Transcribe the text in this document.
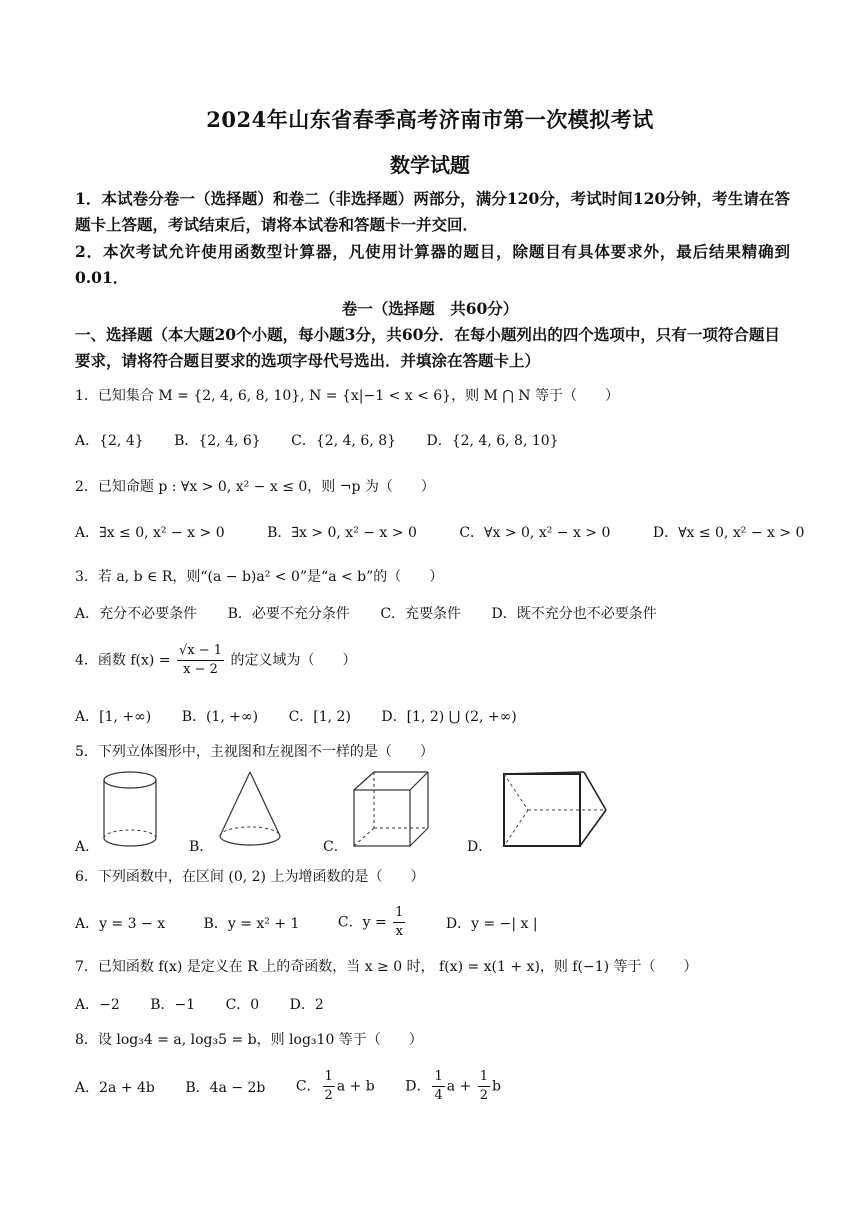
2024年山东省春季高考济南市第一次模拟考试
数学试题

1．本试卷分卷一（选择题）和卷二（非选择题）两部分，满分120分，考试时间120分钟，考生请在答题卡上答题，考试结束后，请将本试卷和答题卡一并交回．

2．本次考试允许使用函数型计算器，凡使用计算器的题目，除题目有具体要求外，最后结果精确到0.01．

卷一（选择题　共60分）
一、选择题（本大题20个小题，每小题3分，共60分．在每小题列出的四个选项中，只有一项符合题目要求，请将符合题目要求的选项字母代号选出．并填涂在答题卡上）
1．已知集合 M = {2, 4, 6, 8, 10}, N = {x|−1 < x < 6}，则 M ⋂ N 等于（　　）
A．{2, 4} B．{2, 4, 6} C．{2, 4, 6, 8} D．{2, 4, 6, 8, 10}
2．已知命题 p : ∀x > 0, x² − x ≤ 0，则 ¬p 为（　　）
A．∃x ≤ 0, x² − x > 0	B．∃x > 0, x² − x > 0	C．∀x > 0, x² − x > 0	D．∀x ≤ 0, x² − x > 0
3．若 a, b ∈ R，则“(a − b)a² < 0”是“a < b”的（　　）
A．充分不必要条件 B．必要不充分条件 C．充要条件 D．既不充分也不必要条件
4．函数 $f(x) = \frac{√x - 1}{x - 2}$ 的定义域为（　　）
A．[1, +∞) B．(1, +∞) C．[1, 2) D．[1, 2) ⋃ (2, +∞)
5．下列立体图形中，主视图和左视图不一样的是（　　）
A．	B．	C．	D．
6．下列函数中，在区间 (0, 2) 上为增函数的是（　　）
A．y = 3 − x	B．y = x² + 1	C．$y = \frac{1}{x}$	D．y = −| x |
7．已知函数 f(x) 是定义在 R 上的奇函数，当 x ≥ 0 时， f(x) = x(1 + x)，则 f(−1) 等于（　　）
A．−2 B．−1 C．0 D．2
8．设 log₃4 = a, log₃5 = b，则 log₃10 等于（　　）
A．2a + 4b B．4a − 2b C． $\frac{1}{2}$ a + b D． $\frac{1}{4}$ $a + \frac{1}{2}$ b
